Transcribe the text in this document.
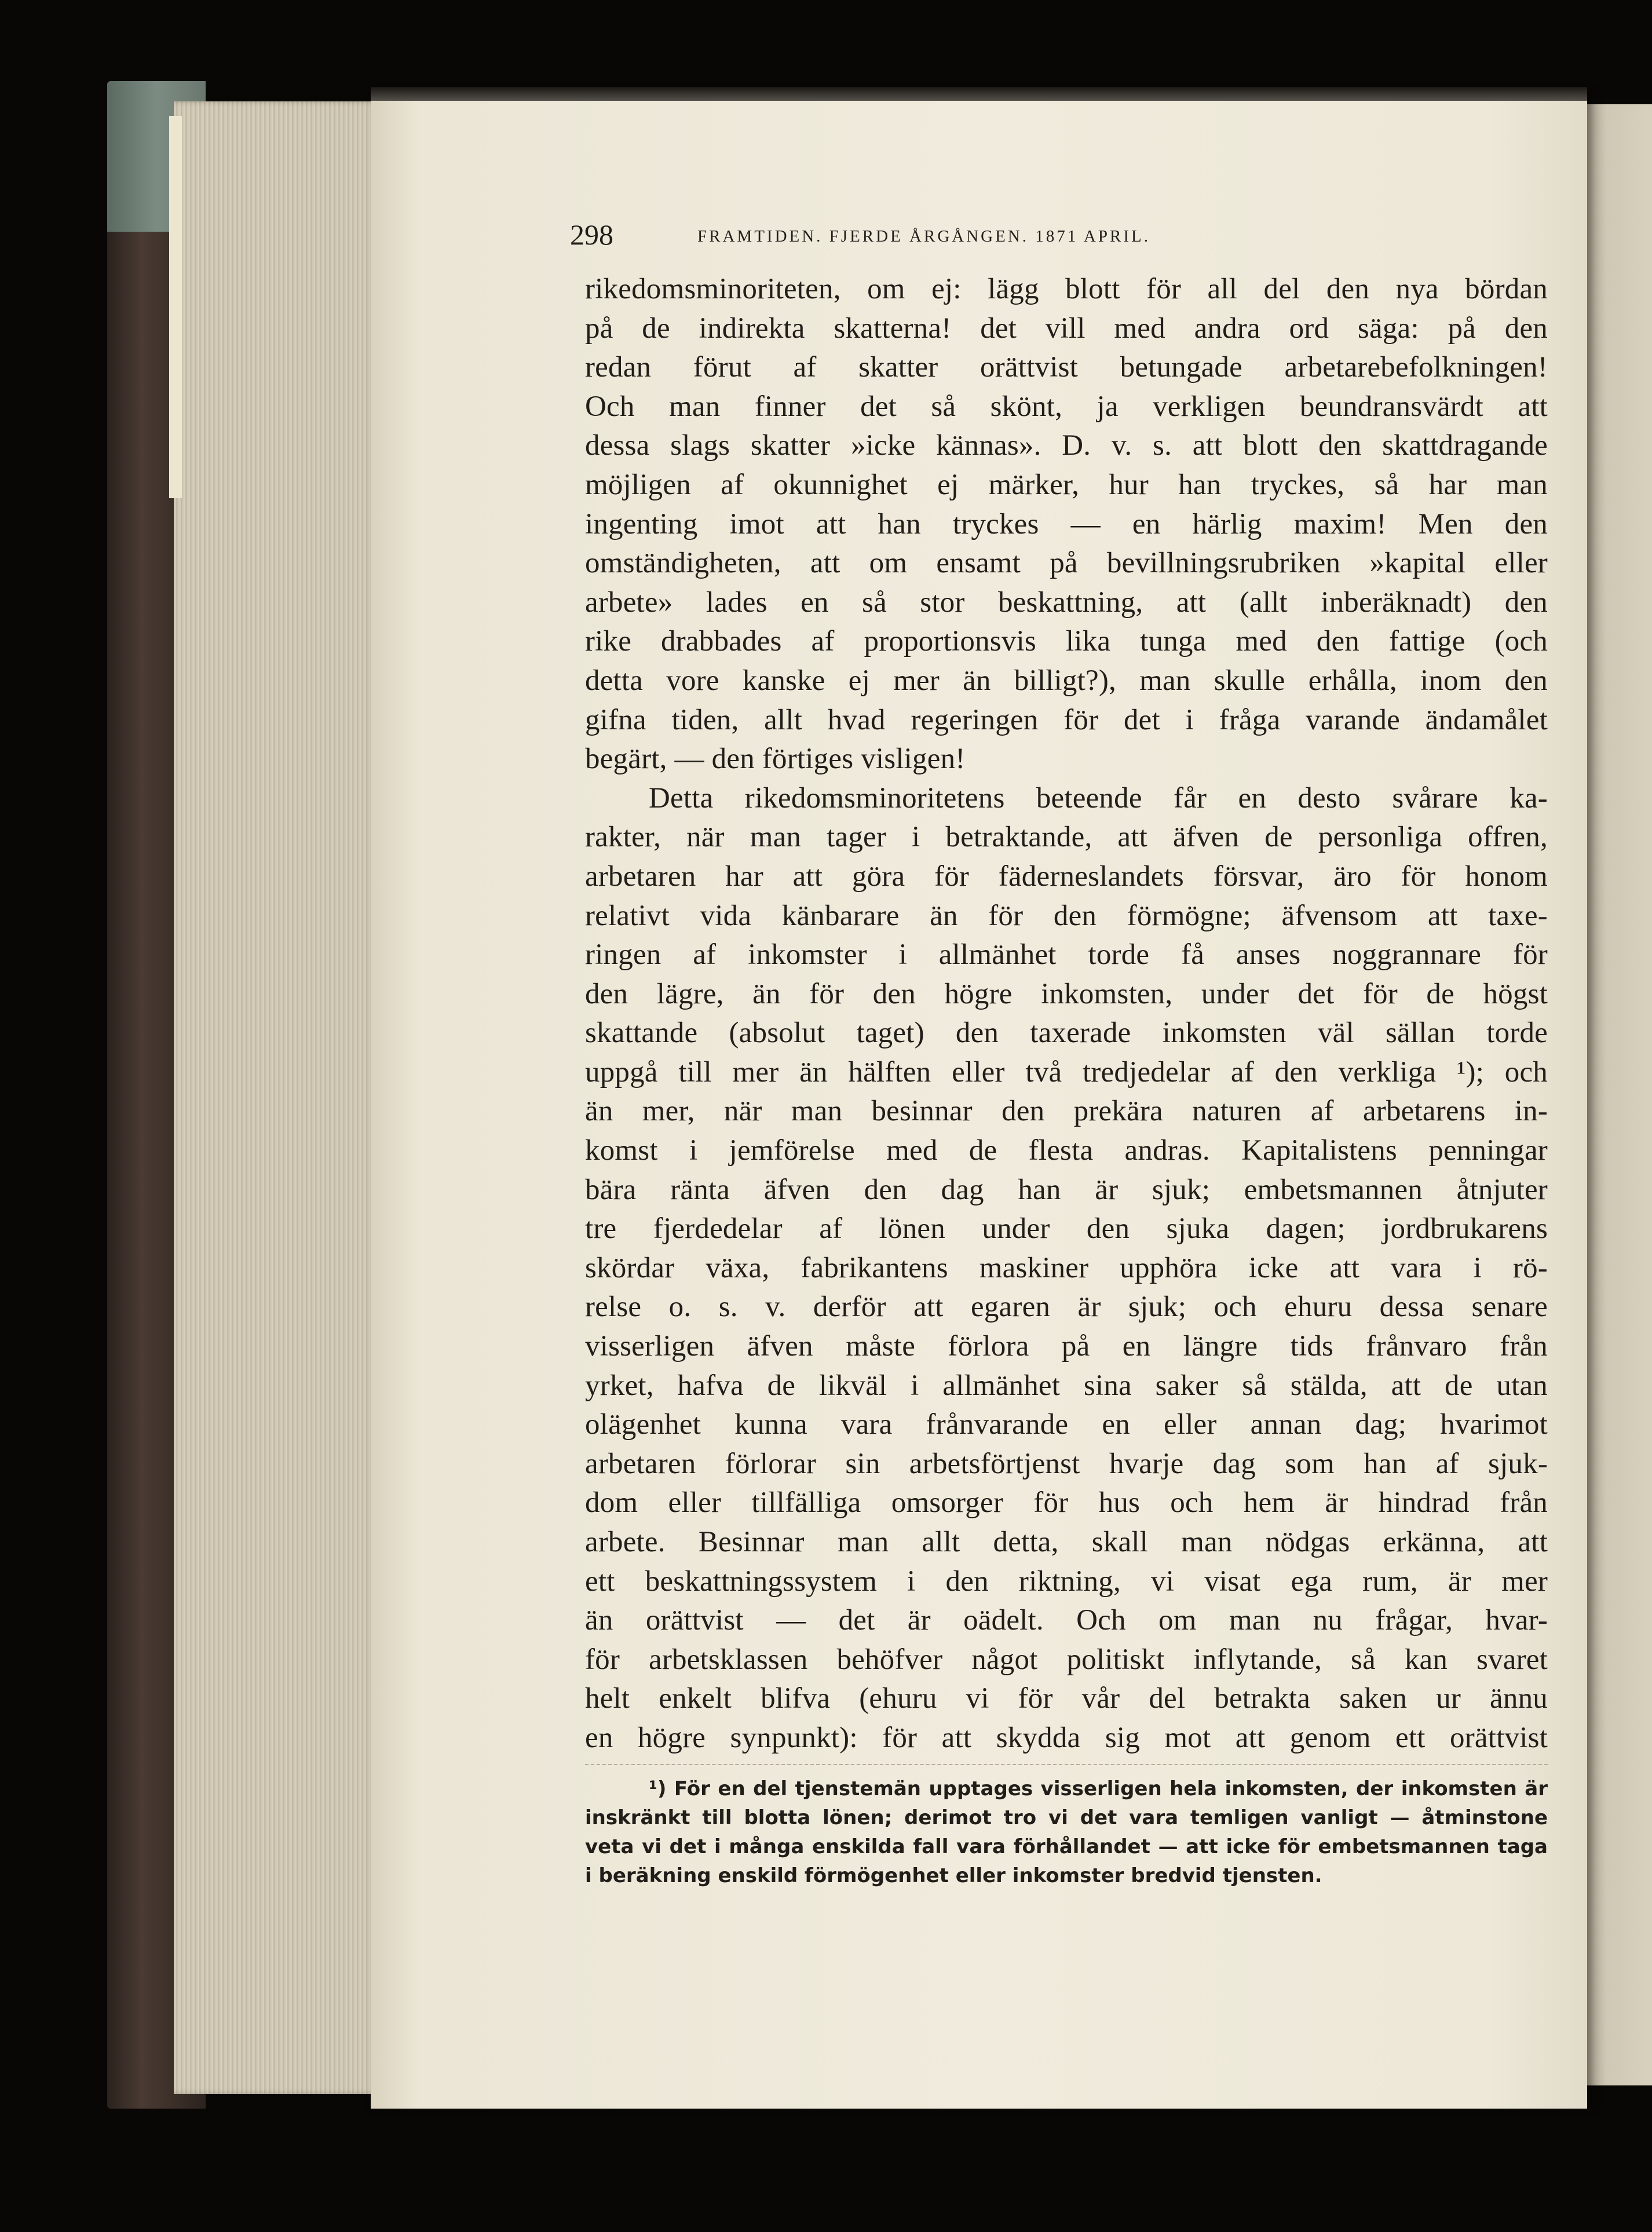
298	FRAMTIDEN. FJERDE ÅRGÅNGEN. 1871 APRIL.
rikedomsminoriteten, om ej: lägg blott för all del den nya bördan
på de indirekta skatterna! det vill med andra ord säga: på den
redan förut af skatter orättvist betungade arbetarebefolkningen!
Och man finner det så skönt, ja verkligen beundransvärdt att
dessa slags skatter »icke kännas». D. v. s. att blott den skattdragande
möjligen af okunnighet ej märker, hur han tryckes, så har man
ingenting imot att han tryckes — en härlig maxim! Men den
omständigheten, att om ensamt på bevillningsrubriken »kapital eller
arbete» lades en så stor beskattning, att (allt inberäknadt) den
rike drabbades af proportionsvis lika tunga med den fattige (och
detta vore kanske ej mer än billigt?), man skulle erhålla, inom den
gifna tiden, allt hvad regeringen för det i fråga varande ändamålet
begärt, — den förtiges visligen!
Detta rikedomsminoritetens beteende får en desto svårare ka-
rakter, när man tager i betraktande, att äfven de personliga offren,
arbetaren har att göra för fäderneslandets försvar, äro för honom
relativt vida känbarare än för den förmögne; äfvensom att taxe-
ringen af inkomster i allmänhet torde få anses noggrannare för
den lägre, än för den högre inkomsten, under det för de högst
skattande (absolut taget) den taxerade inkomsten väl sällan torde
uppgå till mer än hälften eller två tredjedelar af den verkliga ¹); och
än mer, när man besinnar den prekära naturen af arbetarens in-
komst i jemförelse med de flesta andras. Kapitalistens penningar
bära ränta äfven den dag han är sjuk; embetsmannen åtnjuter
tre fjerdedelar af lönen under den sjuka dagen; jordbrukarens
skördar växa, fabrikantens maskiner upphöra icke att vara i rö-
relse o. s. v. derför att egaren är sjuk; och ehuru dessa senare
visserligen äfven måste förlora på en längre tids frånvaro från
yrket, hafva de likväl i allmänhet sina saker så stälda, att de utan
olägenhet kunna vara frånvarande en eller annan dag; hvarimot
arbetaren förlorar sin arbetsförtjenst hvarje dag som han af sjuk-
dom eller tillfälliga omsorger för hus och hem är hindrad från
arbete. Besinnar man allt detta, skall man nödgas erkänna, att
ett beskattningssystem i den riktning, vi visat ega rum, är mer
än orättvist — det är oädelt. Och om man nu frågar, hvar-
för arbetsklassen behöfver något politiskt inflytande, så kan svaret
helt enkelt blifva (ehuru vi för vår del betrakta saken ur ännu
en högre synpunkt): för att skydda sig mot att genom ett orättvist
¹) För en del tjenstemän upptages visserligen hela inkomsten, der inkomsten är
inskränkt till blotta lönen; derimot tro vi det vara temligen vanligt — åtminstone
veta vi det i många enskilda fall vara förhållandet — att icke för embetsmannen taga
i beräkning enskild förmögenhet eller inkomster bredvid tjensten.
